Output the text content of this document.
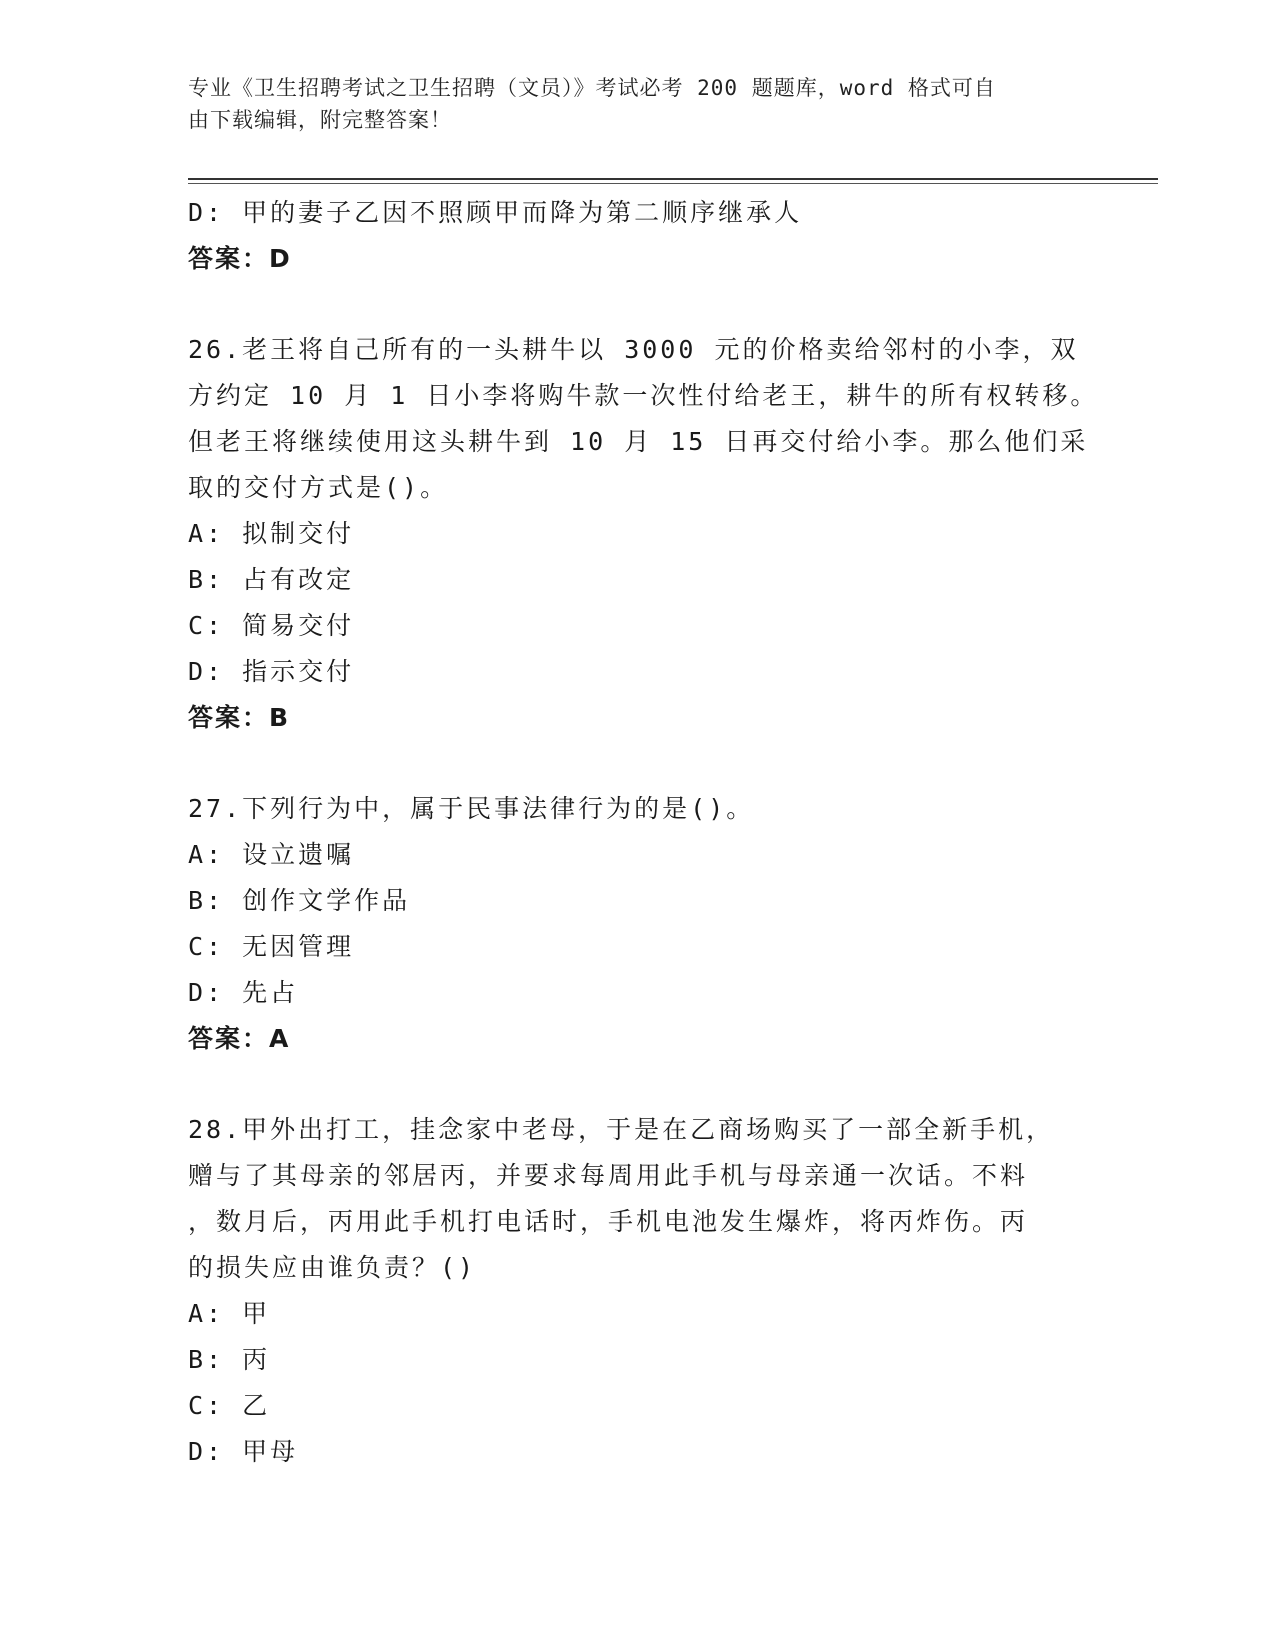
专业《卫生招聘考试之卫生招聘（文员）》考试必考 200 题题库，word 格式可自
由下载编辑，附完整答案！
D: 甲的妻子乙因不照顾甲而降为第二顺序继承人
答案：D
26.老王将自己所有的一头耕牛以 3000 元的价格卖给邻村的小李，双
方约定 10 月 1 日小李将购牛款一次性付给老王，耕牛的所有权转移。
但老王将继续使用这头耕牛到 10 月 15 日再交付给小李。那么他们采
取的交付方式是()。
A: 拟制交付
B: 占有改定
C: 简易交付
D: 指示交付
答案：B
27.下列行为中，属于民事法律行为的是()。
A: 设立遗嘱
B: 创作文学作品
C: 无因管理
D: 先占
答案：A
28.甲外出打工，挂念家中老母，于是在乙商场购买了一部全新手机，
赠与了其母亲的邻居丙，并要求每周用此手机与母亲通一次话。不料
，数月后，丙用此手机打电话时，手机电池发生爆炸，将丙炸伤。丙
的损失应由谁负责？()
A: 甲
B: 丙
C: 乙
D: 甲母
